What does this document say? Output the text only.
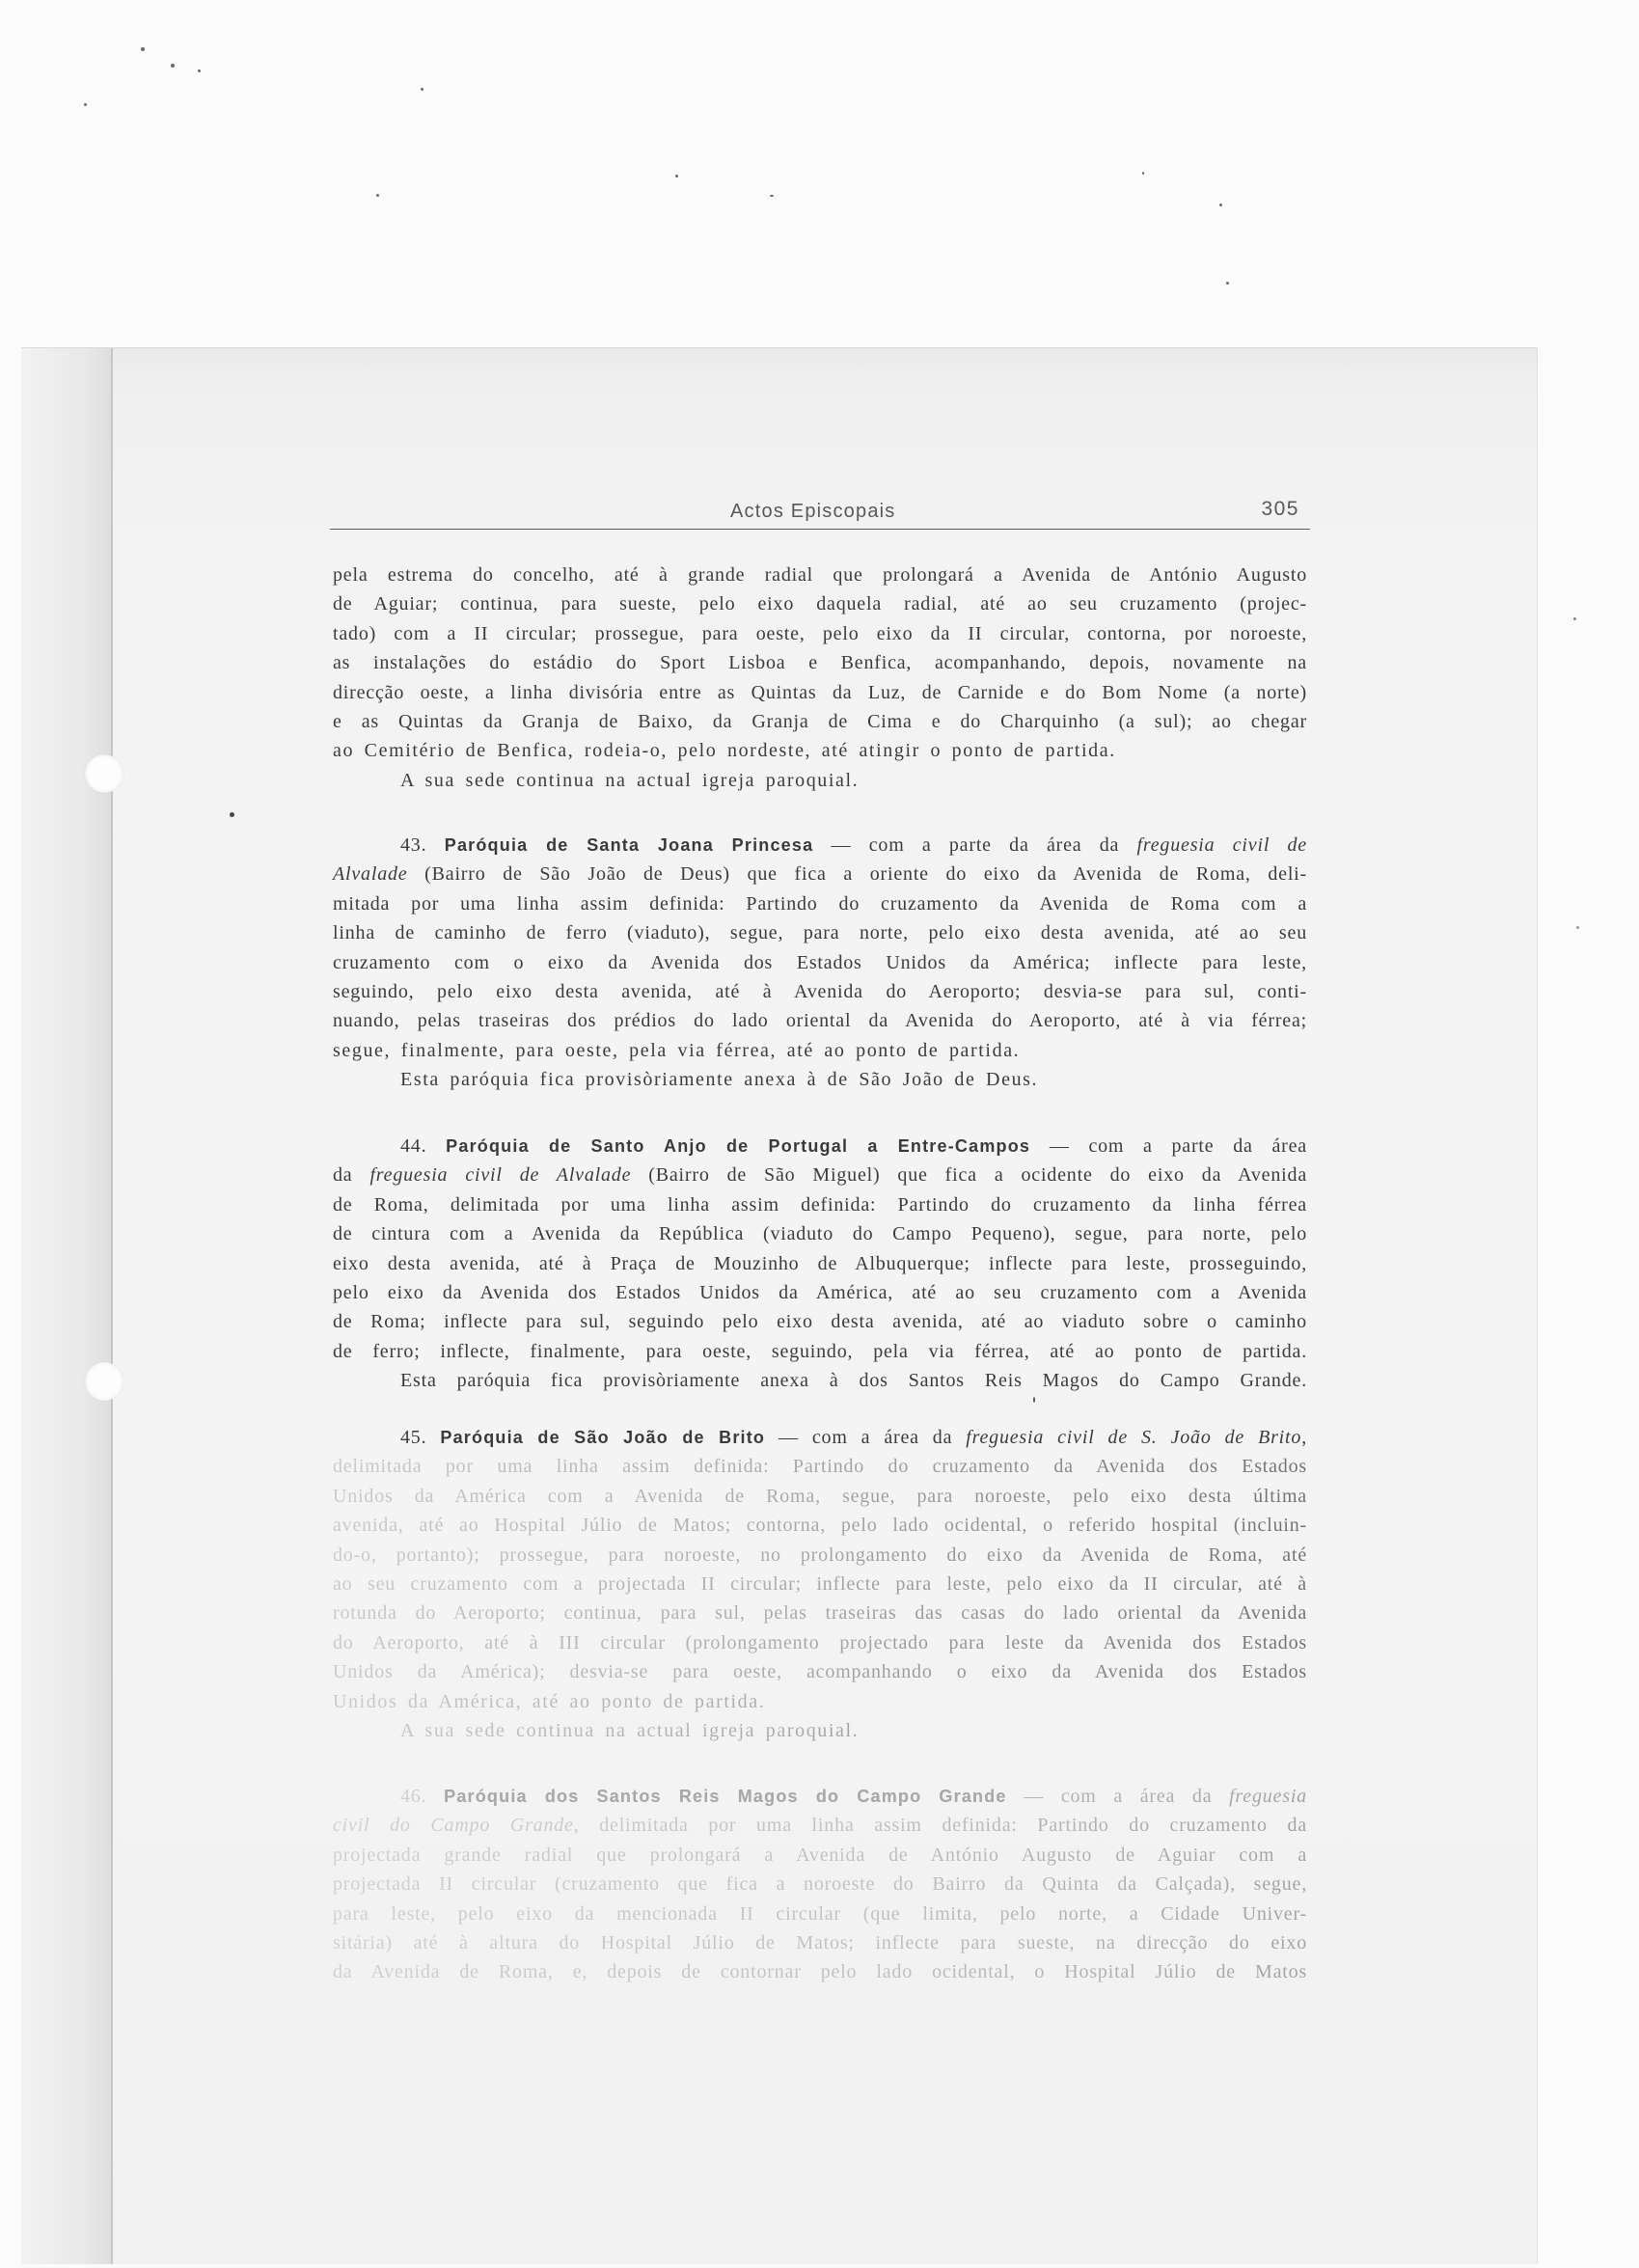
Actos Episcopais	305
pela estrema do concelho, até à grande radial que prolongará a Avenida de António Augusto
de Aguiar; continua, para sueste, pelo eixo daquela radial, até ao seu cruzamento (projec-
tado) com a II circular; prossegue, para oeste, pelo eixo da II circular, contorna, por noroeste,
as instalações do estádio do Sport Lisboa e Benfica, acompanhando, depois, novamente na
direcção oeste, a linha divisória entre as Quintas da Luz, de Carnide e do Bom Nome (a norte)
e as Quintas da Granja de Baixo, da Granja de Cima e do Charquinho (a sul); ao chegar
ao Cemitério de Benfica, rodeia-o, pelo nordeste, até atingir o ponto de partida.
A sua sede continua na actual igreja paroquial.
43. Paróquia de Santa Joana Princesa — com a parte da área da freguesia civil de
Alvalade (Bairro de São João de Deus) que fica a oriente do eixo da Avenida de Roma, deli-
mitada por uma linha assim definida: Partindo do cruzamento da Avenida de Roma com a
linha de caminho de ferro (viaduto), segue, para norte, pelo eixo desta avenida, até ao seu
cruzamento com o eixo da Avenida dos Estados Unidos da América; inflecte para leste,
seguindo, pelo eixo desta avenida, até à Avenida do Aeroporto; desvia-se para sul, conti-
nuando, pelas traseiras dos prédios do lado oriental da Avenida do Aeroporto, até à via férrea;
segue, finalmente, para oeste, pela via férrea, até ao ponto de partida.
Esta paróquia fica provisòriamente anexa à de São João de Deus.
44. Paróquia de Santo Anjo de Portugal a Entre-Campos — com a parte da área
da freguesia civil de Alvalade (Bairro de São Miguel) que fica a ocidente do eixo da Avenida
de Roma, delimitada por uma linha assim definida: Partindo do cruzamento da linha férrea
de cintura com a Avenida da República (viaduto do Campo Pequeno), segue, para norte, pelo
eixo desta avenida, até à Praça de Mouzinho de Albuquerque; inflecte para leste, prosseguindo,
pelo eixo da Avenida dos Estados Unidos da América, até ao seu cruzamento com a Avenida
de Roma; inflecte para sul, seguindo pelo eixo desta avenida, até ao viaduto sobre o caminho
de ferro; inflecte, finalmente, para oeste, seguindo, pela via férrea, até ao ponto de partida.
Esta paróquia fica provisòriamente anexa à dos Santos Reis Magos do Campo Grande.
45. Paróquia de São João de Brito — com a área da freguesia civil de S. João de Brito,
delimitada por uma linha assim definida: Partindo do cruzamento da Avenida dos Estados
Unidos da América com a Avenida de Roma, segue, para noroeste, pelo eixo desta última
avenida, até ao Hospital Júlio de Matos; contorna, pelo lado ocidental, o referido hospital (incluin-
do-o, portanto); prossegue, para noroeste, no prolongamento do eixo da Avenida de Roma, até
ao seu cruzamento com a projectada II circular; inflecte para leste, pelo eixo da II circular, até à
rotunda do Aeroporto; continua, para sul, pelas traseiras das casas do lado oriental da Avenida
do Aeroporto, até à III circular (prolongamento projectado para leste da Avenida dos Estados
Unidos da América); desvia-se para oeste, acompanhando o eixo da Avenida dos Estados
Unidos da América, até ao ponto de partida.
A sua sede continua na actual igreja paroquial.
46. Paróquia dos Santos Reis Magos do Campo Grande — com a área da freguesia
civil do Campo Grande, delimitada por uma linha assim definida: Partindo do cruzamento da
projectada grande radial que prolongará a Avenida de António Augusto de Aguiar com a
projectada II circular (cruzamento que fica a noroeste do Bairro da Quinta da Calçada), segue,
para leste, pelo eixo da mencionada II circular (que limita, pelo norte, a Cidade Univer-
sitária) até à altura do Hospital Júlio de Matos; inflecte para sueste, na direcção do eixo
da Avenida de Roma, e, depois de contornar pelo lado ocidental, o Hospital Júlio de Matos
